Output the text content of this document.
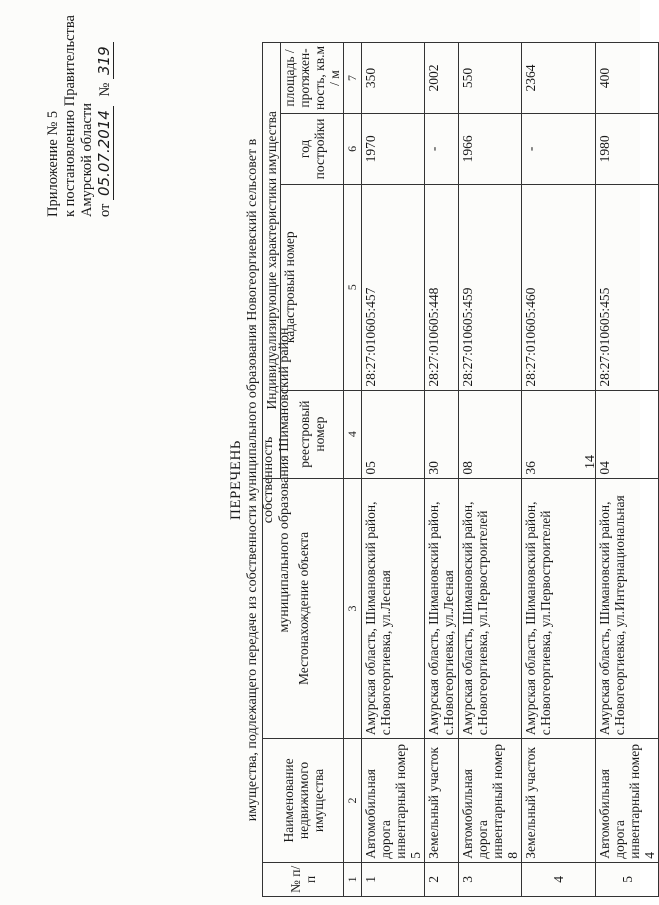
14
Приложение № 5 к постановлению Правительства Амурской области от 05.07.2014 № 319
ПЕРЕЧЕНЬ имущества, подлежащего передаче из собственности муниципального образования Новогеоргиевский сельсовет в собственность муниципального образования Шимановский район
№ п/п	Наименование недвижимого имущества	Местонахождение объекта	Индивидуализирующие характеристики имущества			
			реестровый номер	кадастровый номер	год постройки	площадь / протяжен-ность, кв.м / м
1	2	3	4	5	6	7
1	Автомобильная дорога инвентарный номер 5	Амурская область, Шимановский район, с.Новогеоргиевка, ул.Лесная	05	28:27:010605:457	1970	350
2	Земельный участок	Амурская область, Шимановский район, с.Новогеоргиевка, ул.Лесная	30	28:27:010605:448	-	2002
3	Автомобильная дорога инвентарный номер 8	Амурская область, Шимановский район, с.Новогеоргиевка, ул.Первостроителей	08	28:27:010605:459	1966	550
4	Земельный участок	Амурская область, Шимановский район, с.Новогеоргиевка, ул.Первостроителей	36	28:27:010605:460	-	2364
5	Автомобильная дорога инвентарный номер 4	Амурская область, Шимановский район, с.Новогеоргиевка, ул.Интернациональная	04	28:27:010605:455	1980	400
